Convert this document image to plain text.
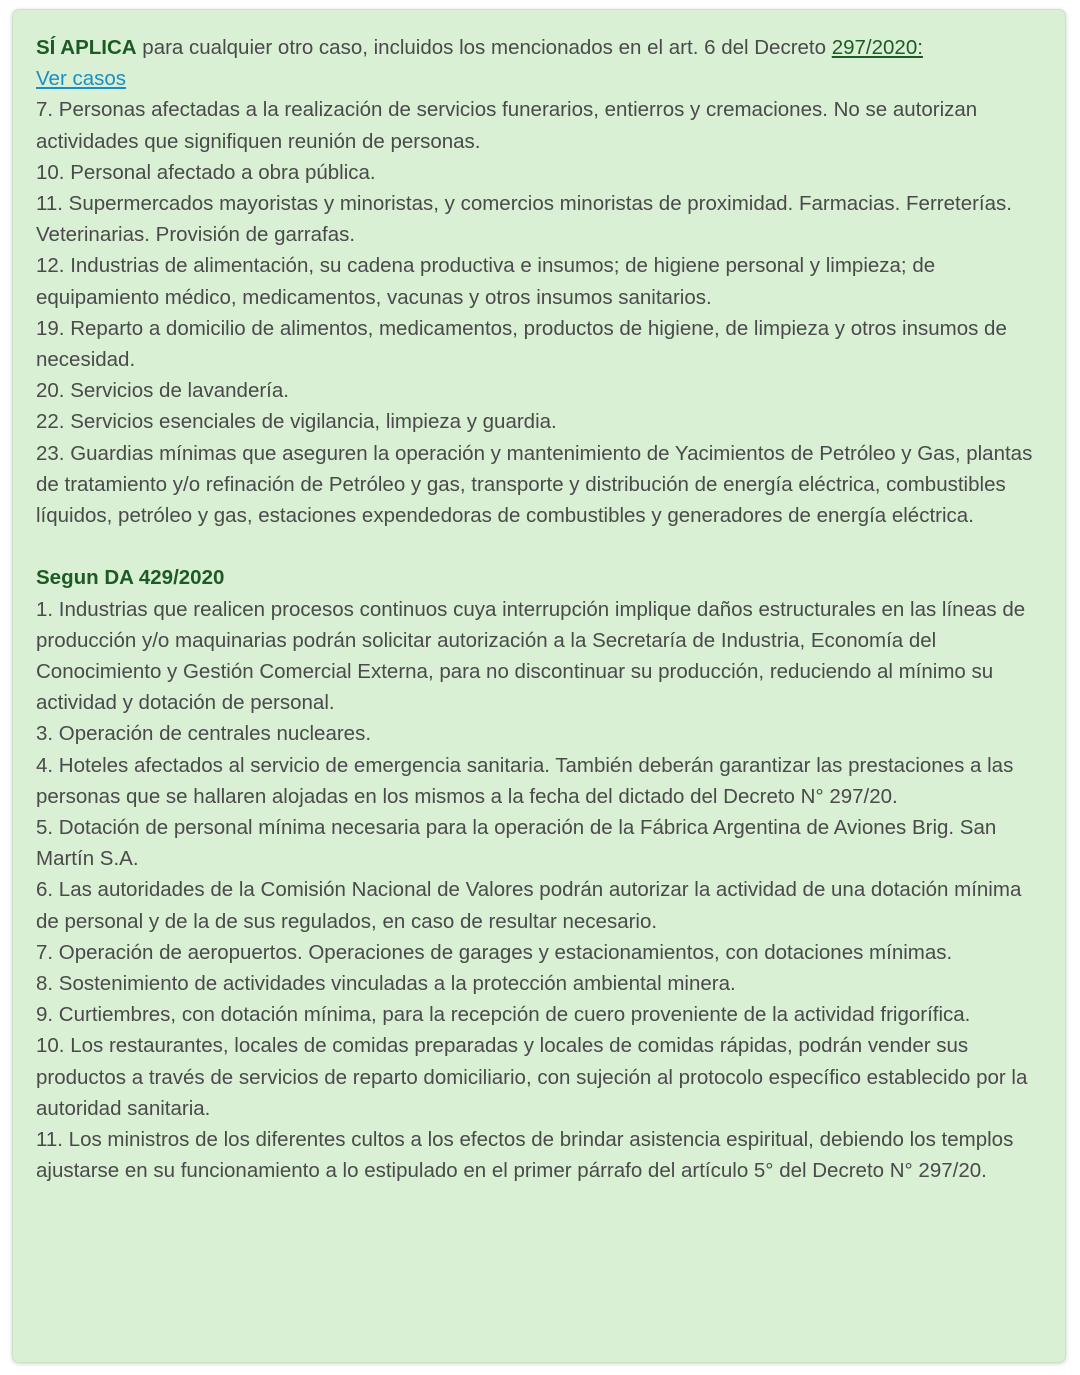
SÍ APLICA para cualquier otro caso, incluidos los mencionados en el art. 6 del Decreto 297/2020:
Ver casos

7. Personas afectadas a la realización de servicios funerarios, entierros y cremaciones. No se autorizan actividades que signifiquen reunión de personas.

10. Personal afectado a obra pública.

11. Supermercados mayoristas y minoristas, y comercios minoristas de proximidad. Farmacias. Ferreterías. Veterinarias. Provisión de garrafas.

12. Industrias de alimentación, su cadena productiva e insumos; de higiene personal y limpieza; de equipamiento médico, medicamentos, vacunas y otros insumos sanitarios.

19. Reparto a domicilio de alimentos, medicamentos, productos de higiene, de limpieza y otros insumos de necesidad.

20. Servicios de lavandería.

22. Servicios esenciales de vigilancia, limpieza y guardia.

23. Guardias mínimas que aseguren la operación y mantenimiento de Yacimientos de Petróleo y Gas, plantas de tratamiento y/o refinación de Petróleo y gas, transporte y distribución de energía eléctrica, combustibles líquidos, petróleo y gas, estaciones expendedoras de combustibles y generadores de energía eléctrica.

Segun DA 429/2020

1. Industrias que realicen procesos continuos cuya interrupción implique daños estructurales en las líneas de producción y/o maquinarias podrán solicitar autorización a la Secretaría de Industria, Economía del Conocimiento y Gestión Comercial Externa, para no discontinuar su producción, reduciendo al mínimo su actividad y dotación de personal.

3. Operación de centrales nucleares.

4. Hoteles afectados al servicio de emergencia sanitaria. También deberán garantizar las prestaciones a las personas que se hallaren alojadas en los mismos a la fecha del dictado del Decreto N° 297/20.

5. Dotación de personal mínima necesaria para la operación de la Fábrica Argentina de Aviones Brig. San Martín S.A.

6. Las autoridades de la Comisión Nacional de Valores podrán autorizar la actividad de una dotación mínima de personal y de la de sus regulados, en caso de resultar necesario.

7. Operación de aeropuertos. Operaciones de garages y estacionamientos, con dotaciones mínimas.

8. Sostenimiento de actividades vinculadas a la protección ambiental minera.

9. Curtiembres, con dotación mínima, para la recepción de cuero proveniente de la actividad frigorífica.

10. Los restaurantes, locales de comidas preparadas y locales de comidas rápidas, podrán vender sus productos a través de servicios de reparto domiciliario, con sujeción al protocolo específico establecido por la autoridad sanitaria.

11. Los ministros de los diferentes cultos a los efectos de brindar asistencia espiritual, debiendo los templos ajustarse en su funcionamiento a lo estipulado en el primer párrafo del artículo 5° del Decreto N° 297/20.
